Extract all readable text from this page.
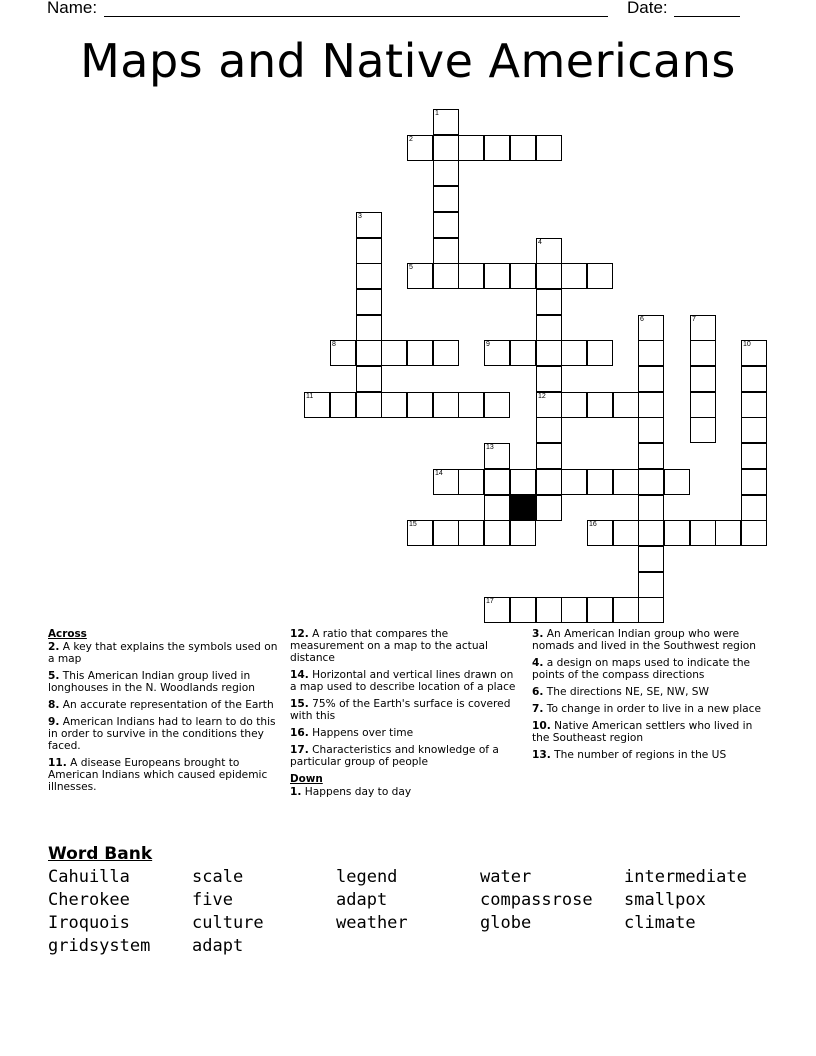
Name:	Date:
Maps and Native Americans
1
2
3
4
5
6	7
8	9	10
11	12
13
14
15	16
17
Across
2. A key that explains the symbols used on a map
5. This American Indian group lived in longhouses in the N. Woodlands region
8. An accurate representation of the Earth
9. American Indians had to learn to do this in order to survive in the conditions they faced.
11. A disease Europeans brought to American Indians which caused epidemic illnesses.
12. A ratio that compares the measurement on a map to the actual distance
14. Horizontal and vertical lines drawn on a map used to describe location of a place
15. 75% of the Earth's surface is covered with this
16. Happens over time
17. Characteristics and knowledge of a particular group of people
Down
1. Happens day to day
3. An American Indian group who were nomads and lived in the Southwest region
4. a design on maps used to indicate the points of the compass directions
6. The directions NE, SE, NW, SW
7. To change in order to live in a new place
10. Native American settlers who lived in the Southeast region
13. The number of regions in the US
Word Bank
Cahuilla	scale	legend	water	intermediate
Cherokee	five	adapt	compassrose smallpox
Iroquois	culture	weather	globe	climate
gridsystem adapt
